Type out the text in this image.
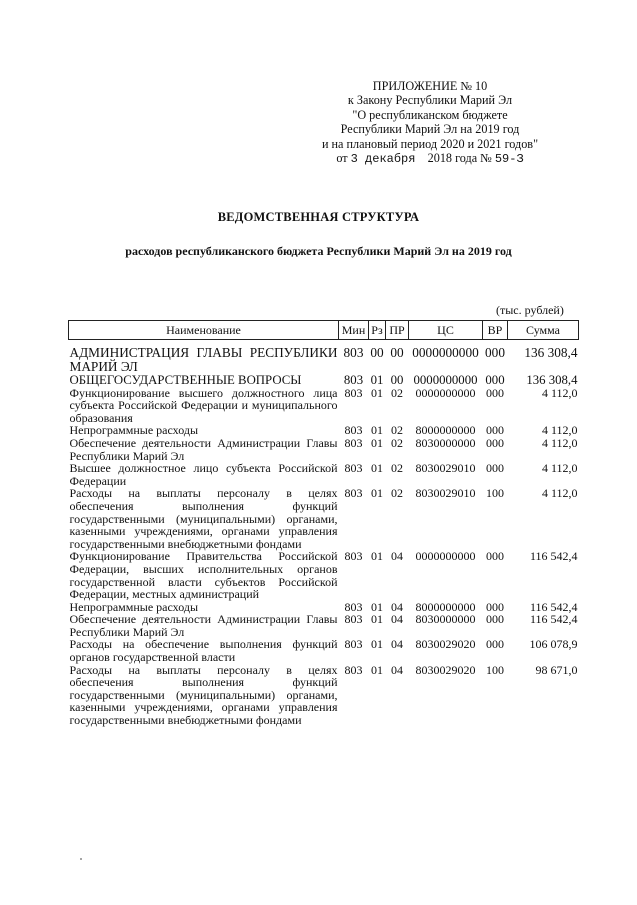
ПРИЛОЖЕНИЕ № 10
к Закону Республики Марий Эл
"О республиканском бюджете
Республики Марий Эл на 2019 год
и на плановый период 2020 и 2021 годов"
от 3 декабря 2018 года № 59-З
ВЕДОМСТВЕННАЯ СТРУКТУРА
расходов республиканского бюджета Республики Марий Эл на 2019 год
(тыс. рублей)
Наименование	Мин	Рз	ПР	ЦС	ВР	Сумма
АДМИНИСТРАЦИЯ ГЛАВЫ РЕСПУБЛИКИ МАРИЙ ЭЛ	803	00	00	0000000000	000	136 308,4
ОБЩЕГОСУДАРСТВЕННЫЕ ВОПРОСЫ	803	01	00	0000000000	000	136 308,4
Функционирование высшего должностного лица субъекта Российской Федерации и муниципального образования	803	01	02	0000000000	000	4 112,0
Непрограммные расходы	803	01	02	8000000000	000	4 112,0
Обеспечение деятельности Администрации Главы Республики Марий Эл	803	01	02	8030000000	000	4 112,0
Высшее должностное лицо субъекта Российской Федерации	803	01	02	8030029010	000	4 112,0
Расходы на выплаты персоналу в целях обеспечения выполнения функций государственными (муниципальными) органами, казенными учреждениями, органами управления государственными внебюджетными фондами	803	01	02	8030029010	100	4 112,0
Функционирование Правительства Российской Федерации, высших исполнительных органов государственной власти субъектов Российской Федерации, местных администраций	803	01	04	0000000000	000	116 542,4
Непрограммные расходы	803	01	04	8000000000	000	116 542,4
Обеспечение деятельности Администрации Главы Республики Марий Эл	803	01	04	8030000000	000	116 542,4
Расходы на обеспечение выполнения функций органов государственной власти	803	01	04	8030029020	000	106 078,9
Расходы на выплаты персоналу в целях обеспечения выполнения функций государственными (муниципальными) органами, казенными учреждениями, органами управления государственными внебюджетными фондами	803	01	04	8030029020	100	98 671,0
